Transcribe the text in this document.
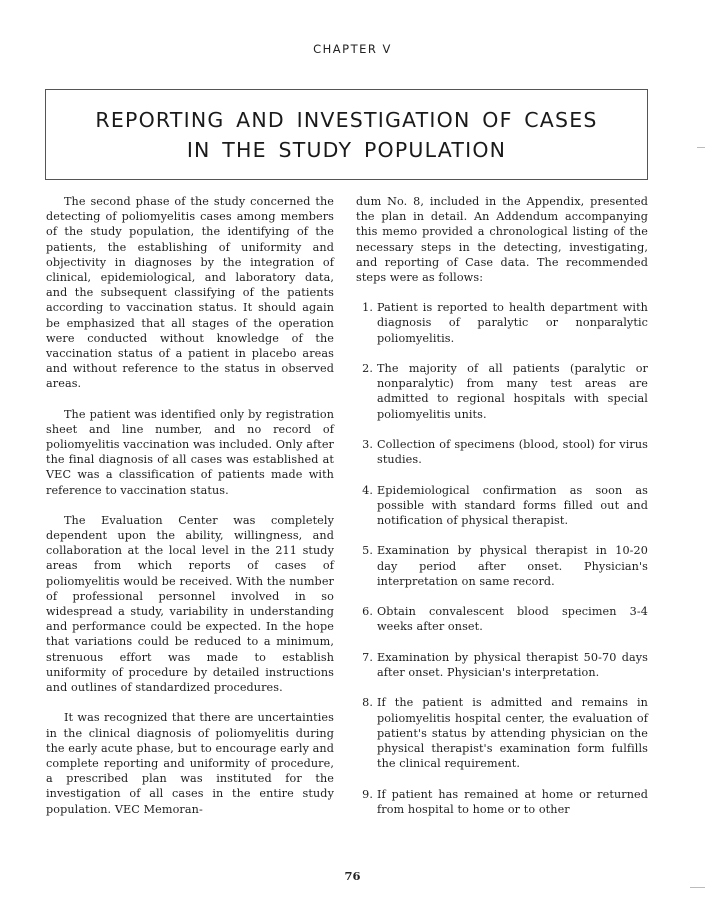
CHAPTER V
REPORTING AND INVESTIGATION OF CASES
IN THE STUDY POPULATION

The second phase of the study concerned the detecting of poliomyelitis cases among members of the study population, the identifying of the patients, the establishing of uniformity and objectivity in diagnoses by the integration of clinical, epidemiological, and laboratory data, and the subsequent classifying of the patients according to vaccination status. It should again be emphasized that all stages of the operation were conducted without knowledge of the vaccination status of a patient in placebo areas and without reference to the status in observed areas.

The patient was identified only by registration sheet and line number, and no record of poliomyelitis vaccination was included. Only after the final diagnosis of all cases was established at VEC was a classification of patients made with reference to vaccination status.

The Evaluation Center was completely dependent upon the ability, willingness, and collaboration at the local level in the 211 study areas from which reports of cases of poliomyelitis would be received. With the number of professional personnel involved in so widespread a study, variability in understanding and performance could be expected. In the hope that variations could be reduced to a minimum, strenuous effort was made to establish uniformity of procedure by detailed instructions and outlines of standardized procedures.

It was recognized that there are uncertainties in the clinical diagnosis of poliomyelitis during the early acute phase, but to encourage early and complete reporting and uniformity of procedure, a prescribed plan was instituted for the investigation of all cases in the entire study population. VEC Memoran-

dum No. 8, included in the Appendix, presented the plan in detail. An Addendum accompanying this memo provided a chronological listing of the necessary steps in the detecting, investigating, and reporting of Case data. The recommended steps were as follows:

1. Patient is reported to health department with diagnosis of paralytic or nonparalytic poliomyelitis.
2. The majority of all patients (paralytic or nonparalytic) from many test areas are admitted to regional hospitals with special poliomyelitis units.
3. Collection of specimens (blood, stool) for virus studies.
4. Epidemiological confirmation as soon as possible with standard forms filled out and notification of physical therapist.
5. Examination by physical therapist in 10-20 day period after onset. Physician's interpretation on same record.
6. Obtain convalescent blood specimen 3-4 weeks after onset.
7. Examination by physical therapist 50-70 days after onset. Physician's interpretation.
8. If the patient is admitted and remains in poliomyelitis hospital center, the evaluation of patient's status by attending physician on the physical therapist's examination form fulfills the clinical requirement.
9. If patient has remained at home or returned from hospital to home or to other
76
